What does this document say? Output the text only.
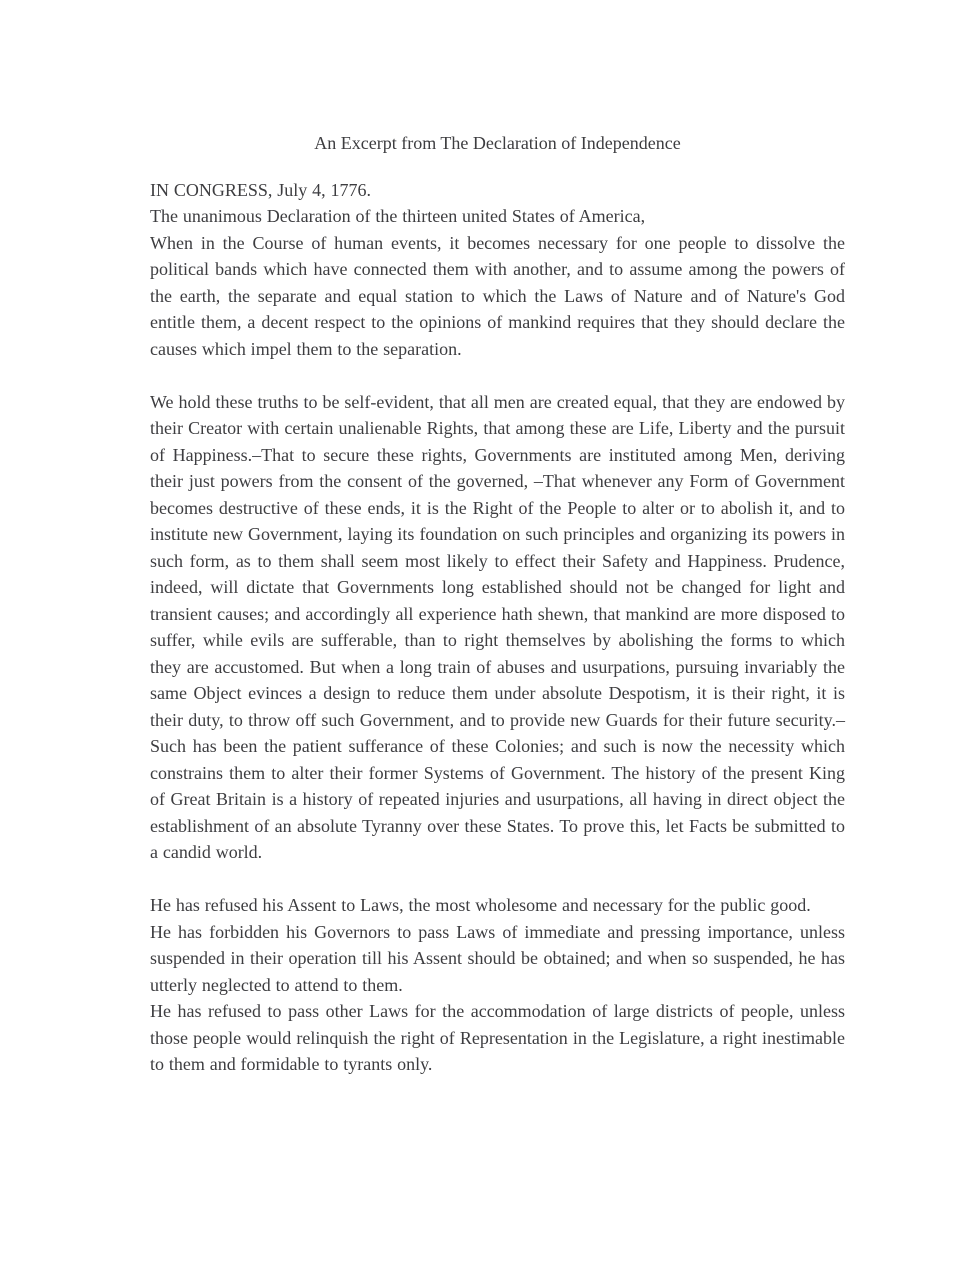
An Excerpt from The Declaration of Independence

IN CONGRESS, July 4, 1776.

The unanimous Declaration of the thirteen united States of America,

When in the Course of human events, it becomes necessary for one people to dissolve the political bands which have connected them with another, and to assume among the powers of the earth, the separate and equal station to which the Laws of Nature and of Nature's God entitle them, a decent respect to the opinions of mankind requires that they should declare the causes which impel them to the separation.

We hold these truths to be self-evident, that all men are created equal, that they are endowed by their Creator with certain unalienable Rights, that among these are Life, Liberty and the pursuit of Happiness.–That to secure these rights, Governments are instituted among Men, deriving their just powers from the consent of the governed, –That whenever any Form of Government becomes destructive of these ends, it is the Right of the People to alter or to abolish it, and to institute new Government, laying its foundation on such principles and organizing its powers in such form, as to them shall seem most likely to effect their Safety and Happiness. Prudence, indeed, will dictate that Governments long established should not be changed for light and transient causes; and accordingly all experience hath shewn, that mankind are more disposed to suffer, while evils are sufferable, than to right themselves by abolishing the forms to which they are accustomed. But when a long train of abuses and usurpations, pursuing invariably the same Object evinces a design to reduce them under absolute Despotism, it is their right, it is their duty, to throw off such Government, and to provide new Guards for their future security.–Such has been the patient sufferance of these Colonies; and such is now the necessity which constrains them to alter their former Systems of Government. The history of the present King of Great Britain is a history of repeated injuries and usurpations, all having in direct object the establishment of an absolute Tyranny over these States. To prove this, let Facts be submitted to a candid world.

He has refused his Assent to Laws, the most wholesome and necessary for the public good.

He has forbidden his Governors to pass Laws of immediate and pressing importance, unless suspended in their operation till his Assent should be obtained; and when so suspended, he has utterly neglected to attend to them.

He has refused to pass other Laws for the accommodation of large districts of people, unless those people would relinquish the right of Representation in the Legislature, a right inestimable to them and formidable to tyrants only.
